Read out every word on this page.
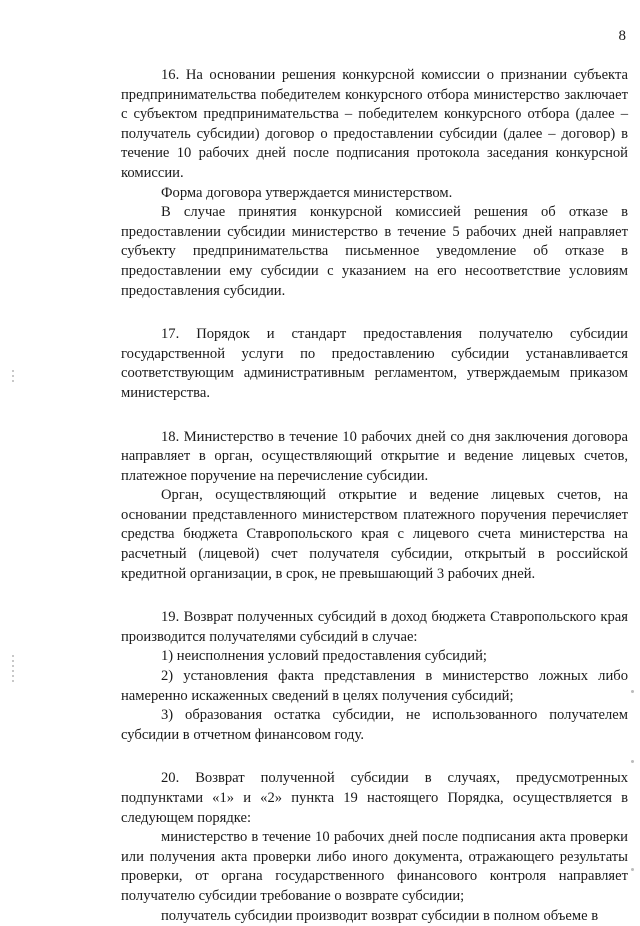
8

16. На основании решения конкурсной комиссии о признании субъекта предпринимательства победителем конкурсного отбора министерство заключает с субъектом предпринимательства – победителем конкурсного отбора (далее – получатель субсидии) договор о предоставлении субсидии (далее – договор) в течение 10 рабочих дней после подписания протокола заседания конкурсной комиссии.

Форма договора утверждается министерством.

В случае принятия конкурсной комиссией решения об отказе в предоставлении субсидии министерство в течение 5 рабочих дней направляет субъекту предпринимательства письменное уведомление об отказе в предоставлении ему субсидии с указанием на его несоответствие условиям предоставления субсидии.

17. Порядок и стандарт предоставления получателю субсидии государственной услуги по предоставлению субсидии устанавливается соответствующим административным регламентом, утверждаемым приказом министерства.

18. Министерство в течение 10 рабочих дней со дня заключения договора направляет в орган, осуществляющий открытие и ведение лицевых счетов, платежное поручение на перечисление субсидии.

Орган, осуществляющий открытие и ведение лицевых счетов, на основании представленного министерством платежного поручения перечисляет средства бюджета Ставропольского края с лицевого счета министерства на расчетный (лицевой) счет получателя субсидии, открытый в российской кредитной организации, в срок, не превышающий 3 рабочих дней.

19. Возврат полученных субсидий в доход бюджета Ставропольского края производится получателями субсидий в случае:

1) неисполнения условий предоставления субсидий;

2) установления факта представления в министерство ложных либо намеренно искаженных сведений в целях получения субсидий;

3) образования остатка субсидии, не использованного получателем субсидии в отчетном финансовом году.

20. Возврат полученной субсидии в случаях, предусмотренных подпунктами «1» и «2» пункта 19 настоящего Порядка, осуществляется в следующем порядке:

министерство в течение 10 рабочих дней после подписания акта проверки или получения акта проверки либо иного документа, отражающего результаты проверки, от органа государственного финансового контроля направляет получателю субсидии требование о возврате субсидии;

получатель субсидии производит возврат субсидии в полном объеме в
